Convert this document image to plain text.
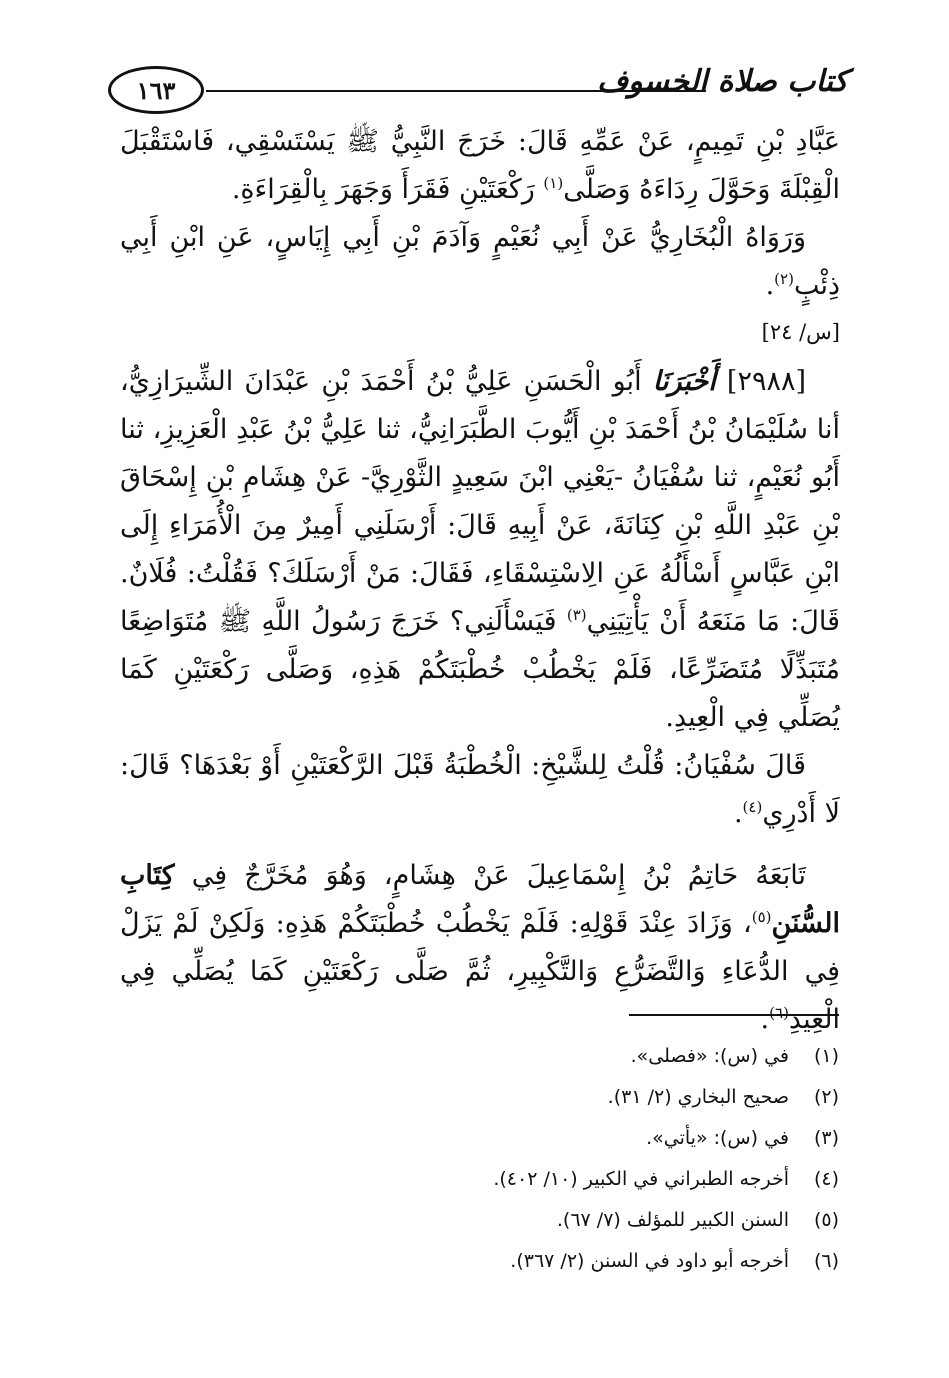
١٦٣	كتاب صلاة الخسوف

عَبَّادِ بْنِ تَمِيمٍ، عَنْ عَمِّهِ قَالَ: خَرَجَ النَّبِيُّ ﷺ يَسْتَسْقِي، فَاسْتَقْبَلَ الْقِبْلَةَ وَحَوَّلَ رِدَاءَهُ وَصَلَّى$^{(١)}$ رَكْعَتَيْنِ فَقَرَأَ وَجَهَرَ بِالْقِرَاءَةِ.

وَرَوَاهُ الْبُخَارِيُّ عَنْ أَبِي نُعَيْمٍ وَآدَمَ بْنِ أَبِي إِيَاسٍ، عَنِ ابْنِ أَبِي ذِئْبٍ$^{(٢)}$.

[س/ ٢٤]

[٢٩٨٨] أَخْبَرَنَا أَبُو الْحَسَنِ عَلِيُّ بْنُ أَحْمَدَ بْنِ عَبْدَانَ الشِّيرَازِيُّ، أنا سُلَيْمَانُ بْنُ أَحْمَدَ بْنِ أَيُّوبَ الطَّبَرَانِيُّ، ثنا عَلِيُّ بْنُ عَبْدِ الْعَزِيزِ، ثنا أَبُو نُعَيْمٍ، ثنا سُفْيَانُ -يَعْنِي ابْنَ سَعِيدٍ الثَّوْرِيَّ- عَنْ هِشَامِ بْنِ إِسْحَاقَ بْنِ عَبْدِ اللَّهِ بْنِ كِنَانَةَ، عَنْ أَبِيهِ قَالَ: أَرْسَلَنِي أَمِيرٌ مِنَ الْأُمَرَاءِ إِلَى ابْنِ عَبَّاسٍ أَسْأَلُهُ عَنِ الِاسْتِسْقَاءِ، فَقَالَ: مَنْ أَرْسَلَكَ؟ فَقُلْتُ: فُلَانٌ. قَالَ: مَا مَنَعَهُ أَنْ يَأْتِيَنِي$^{(٣)}$ فَيَسْأَلَنِي؟ خَرَجَ رَسُولُ اللَّهِ ﷺ مُتَوَاضِعًا مُتَبَذِّلًا مُتَضَرِّعًا، فَلَمْ يَخْطُبْ خُطْبَتَكُمْ هَذِهِ، وَصَلَّى رَكْعَتَيْنِ كَمَا يُصَلِّي فِي الْعِيدِ.

قَالَ سُفْيَانُ: قُلْتُ لِلشَّيْخِ: الْخُطْبَةُ قَبْلَ الرَّكْعَتَيْنِ أَوْ بَعْدَهَا؟ قَالَ: لَا أَدْرِي$^{(٤)}$.

تَابَعَهُ حَاتِمُ بْنُ إِسْمَاعِيلَ عَنْ هِشَامٍ، وَهُوَ مُخَرَّجٌ فِي كِتَابِ السُّنَنِ$^{(٥)}$، وَزَادَ عِنْدَ قَوْلِهِ: فَلَمْ يَخْطُبْ خُطْبَتَكُمْ هَذِهِ: وَلَكِنْ لَمْ يَزَلْ فِي الدُّعَاءِ وَالتَّضَرُّعِ وَالتَّكْبِيرِ، ثُمَّ صَلَّى رَكْعَتَيْنِ كَمَا يُصَلِّي فِي الْعِيدِ$^{(٦)}$.

(١)
في (س): «فصلى».
(٢)
صحيح البخاري (٢/ ٣١).
(٣)
في (س): «يأتي».
(٤)
أخرجه الطبراني في الكبير (١٠/ ٤٠٢).
(٥)
السنن الكبير للمؤلف (٧/ ٦٧).
(٦)
أخرجه أبو داود في السنن (٢/ ٣٦٧).
